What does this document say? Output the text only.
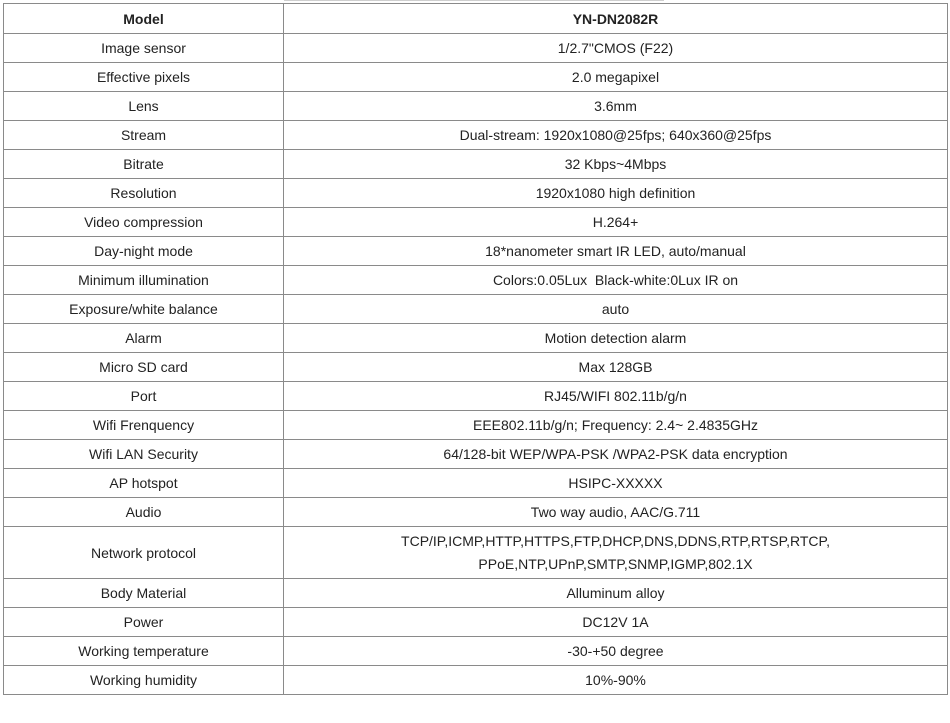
Model	YN-DN2082R
Image sensor	1/2.7"CMOS (F22)
Effective pixels	2.0 megapixel
Lens	3.6mm
Stream	Dual-stream: 1920x1080@25fps; 640x360@25fps
Bitrate	32 Kbps~4Mbps
Resolution	1920x1080 high definition
Video compression	H.264+
Day-night mode	18*nanometer smart IR LED, auto/manual
Minimum illumination	Colors:0.05Lux  Black-white:0Lux IR on
Exposure/white balance	auto
Alarm	Motion detection alarm
Micro SD card	Max 128GB
Port	RJ45/WIFI 802.11b/g/n
Wifi Frenquency	EEE802.11b/g/n; Frequency: 2.4~ 2.4835GHz
Wifi LAN Security	64/128-bit WEP/WPA-PSK /WPA2-PSK data encryption
AP hotspot	HSIPC-XXXXX
Audio	Two way audio, AAC/G.711
Network protocol	TCP/IP,ICMP,HTTP,HTTPS,FTP,DHCP,DNS,DDNS,RTP,RTSP,RTCP,
PPoE,NTP,UPnP,SMTP,SNMP,IGMP,802.1X

Body Material	Alluminum alloy
Power	DC12V 1A
Working temperature	-30-+50 degree
Working humidity	10%-90%
